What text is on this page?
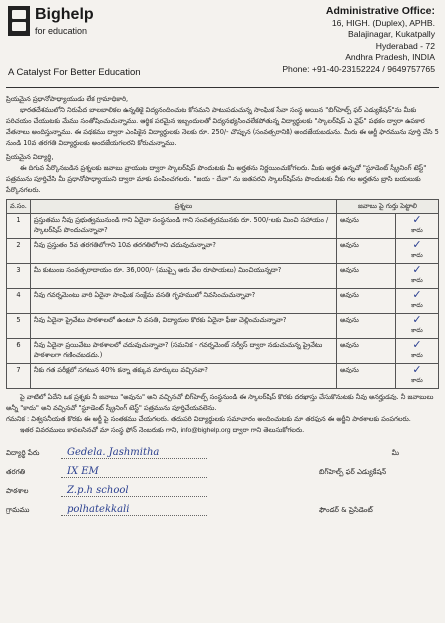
Bighelp
for education
A Catalyst For Better Education
Administrative Office:
16, HIGH. (Duplex), APHB.
Balajinagar, Kukatpally
Hyderabad - 72
Andhra Pradesh, INDIA
Phone: +91-40-23152224 / 9649757765

ప్రియమైన ప్రధానోపాధ్యాయుడు లేక గ్రామాధికారి,

భారతదేశములోని నిరుపేద బాలబాలికల ఉన్నతికై విద్యనందించుట కోసమని పాటుపడుచున్న సాంఘిక సేవా సంస్థ అయిన "బిగ్‌హెల్ప్ ఫర్ ఎడ్యుకేషన్"ను మీకు పరిచయం చేయుటకు మేము సంతోషించుచున్నాము. ఆర్థిక పరమైన ఇబ్బందులతో విద్యనభ్యసించలేకపోతున్న విద్యార్థులకు "స్కాలర్‌షిప్ ఎ వైఫ్" పథకం ద్వారా ఉపకార వేతనాలు అందిస్తున్నాము. ఈ పథకము ద్వారా ఎంపికైన విద్యార్థులకు నెలకు రూ. 250/- చొప్పున (సంవత్సరానికి) అందజేయబడును. మీరు ఈ అర్జీ ఫారమును పూర్తి చేసి 5 నుండి 10వ తరగతి విద్యార్థులకు అందజేయగలరని కోరుచున్నాము.

ప్రియమైన విద్యార్థి,

ఈ దిగువ పేర్కొనబడిన ప్రశ్నలకు జవాబు వ్రాయుట ద్వారా స్కాలర్‌షిప్ పొందుటకు మీ అర్హతను నిర్ణయించుకోగలరు. మీకు అర్హత ఉన్నచో "స్టూడెంట్ స్క్రీనింగ్ టెస్ట్" పత్రమును పూర్తిచేసి మీ ప్రధానోపాధ్యాయుని ద్వారా మాకు పంపించగలరు. "జయ - దేవా" ను జతపరచి స్కాలర్‌షిప్‌ను పొందుటకు నీకు గల అర్హతను బ్రాసి బయలుకు పేర్కొనగలరు.

వ.సం.	ప్రశ్నలు	జవాబు పై గుర్తు పెట్టాలి	
1	ప్రస్తుతము నీవు ప్రభుత్వమునుండి గాని ఏదైనా సంస్థనుండి గాని సంవత్సరమునకు రూ. 500/-లకు మించి సహాయం / స్కాలర్‌షిప్ పొందుచున్నావా?	అవును	✓
కాదు

2	నీవు ప్రస్తుతం 5వ తరగతిలోగాని 10వ తరగతిలోగాని చదువుచున్నావా?	అవును	✓
కాదు

3	మీ కుటుంబ సంవత్సరాదాయం రూ. 36,000/- (ముప్పై ఆరు వేల రూపాయలు) మించియున్నదా?	అవును	✓
కాదు

4	నీవు గవర్నమెంటు వారి ఏదైనా సాంఘిక సంక్షేమ వసతి గృహములో నివసించుచున్నావా?	అవును	✓
కాదు

5	నీవు ఏదైనా ప్రైవేటు పాఠశాలలో ఉంటూ నీ వసతి, విద్యాదుల కొరకు ఏదైనా ఫీజు చెల్లించుచున్నావా?	అవును	✓
కాదు

6	నీవు ఏదైనా ప్రయివేటు పాఠశాలలో చదువుచున్నావా? (సమనిక - గవర్నమెంట్ సర్వీస్ ద్వారా నడుచుచున్న ప్రైవేటు పాఠశాలగా గణించబడదు.)	అవును	✓
కాదు

7	నీకు గత పరీక్షలో సగటున 40% కన్నా తక్కువ మార్కులు వచ్చినవా?	అవును	✓
కాదు

పై వాటిలో ఏదేని ఒక ప్రశ్నకు నీ జవాబు "అవును" అని వచ్చినచో బిగ్‌హెల్ప్ సంస్థనుండి ఈ స్కాలర్‌షిప్ కొరకు దరఖాస్తు చేసుకొనుటకు నీవు అనర్హుడవు. నీ జవాబులు అన్నీ "కాదు" అని వచ్చినచో "స్టూడెంట్ స్క్రీనింగ్ టెస్ట్" పత్రమును పూర్తిచేయవలెను.

గమనిక : విశ్వసనీయత కొరకు ఈ అర్జీ పై సంతకము చేయగలరు. తదుపరి విద్యార్థులకు సమాచారం అందించుటకు మా తరఫున ఈ అర్జీని పాఠశాలకు పంపగలరు.

ఇతర వివరములు కావలసినచో మా సంస్థ ఫోన్ నెంబరుకు గాని, info@bighelp.org ద్వారా గాని తెలుసుకోగలరు.

విద్యార్థి పేరు	Gedela. Jashmitha	మీ
తరగతి	IX EM	బిగ్‌హెల్ప్ ఫర్ ఎడ్యుకేషన్
పాఠశాల	Z.p.h school
గ్రామము	polhatekkali	ఫౌండర్ & ప్రెసిడెంట్
